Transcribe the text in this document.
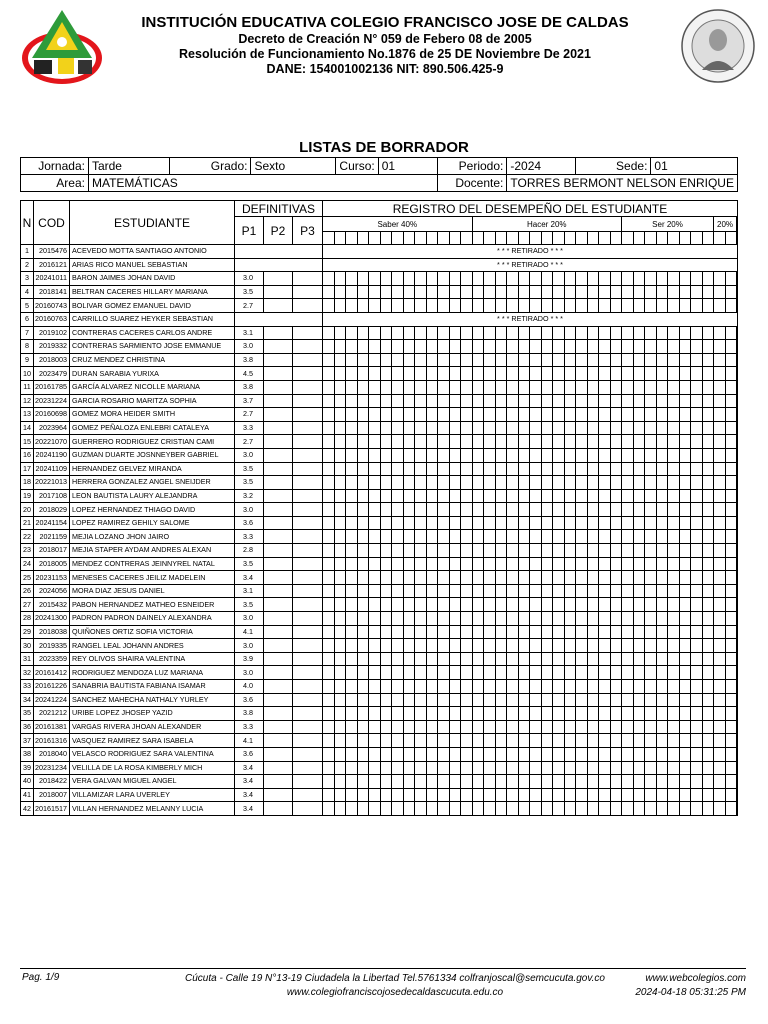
INSTITUCIÓN EDUCATIVA COLEGIO FRANCISCO JOSE DE CALDAS
Decreto de Creación N° 059 de Febero 08 de 2005
Resolución de Funcionamiento No.1876 de 25 DE Noviembre De 2021
DANE: 154001002136 NIT: 890.506.425-9
LISTAS DE BORRADOR
Jornada:	Tarde	Grado:	Sexto	Curso:	01	Periodo:	-2024	Sede:	01
Area:	MATEMÁTICAS					Docente:	TORRES BERMONT NELSON ENRIQUE		
N	COD	ESTUDIANTE	DEFINITIVAS			REGISTRO DEL DESEMPEÑO DEL ESTUDIANTE																																				
			P1	P2	P3	Saber 40%													Hacer 20%													Ser 20%								20%	

1	2015476	ACEVEDO MOTTA SANTIAGO ANTONIO				* * * RETIRADO * * *																																				
2	2016121	ARIAS RICO MANUEL SEBASTIAN				* * * RETIRADO * * *																																				
3	20241011	BARON JAIMES JOHAN DAVID	3.0																																							
4	2018141	BELTRAN CACERES HILLARY MARIANA	3.5																																							
5	20160743	BOLIVAR GOMEZ EMANUEL DAVID	2.7																																							
6	20160763	CARRILLO SUAREZ HEYKER SEBASTIAN				* * * RETIRADO * * *																																				
7	2019102	CONTRERAS CACERES CARLOS ANDRE	3.1																																							
8	2019332	CONTRERAS SARMIENTO JOSE EMMANUE	3.0																																							
9	2018003	CRUZ MENDEZ CHRISTINA	3.8																																							
10	2023479	DURAN SARABIA YURIXA	4.5																																							
11	20161785	GARCÍA ALVAREZ NICOLLE MARIANA	3.8																																							
12	20231224	GARCIA ROSARIO MARITZA SOPHIA	3.7																																							
13	20160698	GOMEZ MORA HEIDER SMITH	2.7																																							
14	2023964	GOMEZ PEÑALOZA ENLEBRI CATALEYA	3.3																																							
15	20221070	GUERRERO RODRIGUEZ CRISTIAN CAMI	2.7																																							
16	20241190	GUZMAN DUARTE JOSNNEYBER GABRIEL	3.0																																							
17	20241109	HERNANDEZ GELVEZ MIRANDA	3.5																																							
18	20221013	HERRERA GONZALEZ ANGEL SNEIJDER	3.5																																							
19	2017108	LEON BAUTISTA LAURY ALEJANDRA	3.2																																							
20	2018029	LOPEZ HERNANDEZ THIAGO DAVID	3.0																																							
21	20241154	LOPEZ RAMIREZ GEHILY SALOME	3.6																																							
22	2021159	MEJIA LOZANO JHON JAIRO	3.3																																							
23	2018017	MEJIA STAPER AYDAM ANDRES ALEXAN	2.8																																							
24	2018005	MENDEZ CONTRERAS JEINNYREL NATAL	3.5																																							
25	20231153	MENESES CACERES JEILIZ MADELEIN	3.4																																							
26	2024056	MORA DIAZ JESUS DANIEL	3.1																																							
27	2015432	PABON HERNANDEZ MATHEO ESNEIDER	3.5																																							
28	20241300	PADRON PADRON DAINELY ALEXANDRA	3.0																																							
29	2018038	QUIÑONES ORTIZ SOFIA VICTORIA	4.1																																							
30	2019335	RANGEL LEAL JOHANN ANDRES	3.0																																							
31	2023359	REY OLIVOS SHAIRA VALENTINA	3.9																																							
32	20161412	RODRIGUEZ MENDOZA LUZ MARIANA	3.0																																							
33	20161226	SANABRIA BAUTISTA FABIANA ISAMAR	4.0																																							
34	20241224	SANCHEZ MAHECHA NATHALY YURLEY	3.6																																							
35	2021212	URIBE LOPEZ JHOSEP YAZID	3.8																																							
36	20161381	VARGAS RIVERA JHOAN ALEXANDER	3.3																																							
37	20161316	VASQUEZ RAMIREZ SARA ISABELA	4.1																																							
38	2018040	VELASCO RODRIGUEZ SARA VALENTINA	3.6																																							
39	20231234	VELILLA DE LA ROSA KIMBERLY MICH	3.4																																							
40	2018422	VERA GALVAN MIGUEL ANGEL	3.4																																							
41	2018007	VILLAMIZAR LARA UVERLEY	3.4																																							
42	20161517	VILLAN HERNANDEZ MELANNY LUCIA	3.4																																							
Pag. 1/9	Cúcuta - Calle 19 N°13-19 Ciudadela la Libertad Tel.5761334 colfranjoscal@semcucuta.gov.co
www.colegiofranciscojosedecaldascucuta.edu.co
www.webcolegios.com
2024-04-18 05:31:25 PM
